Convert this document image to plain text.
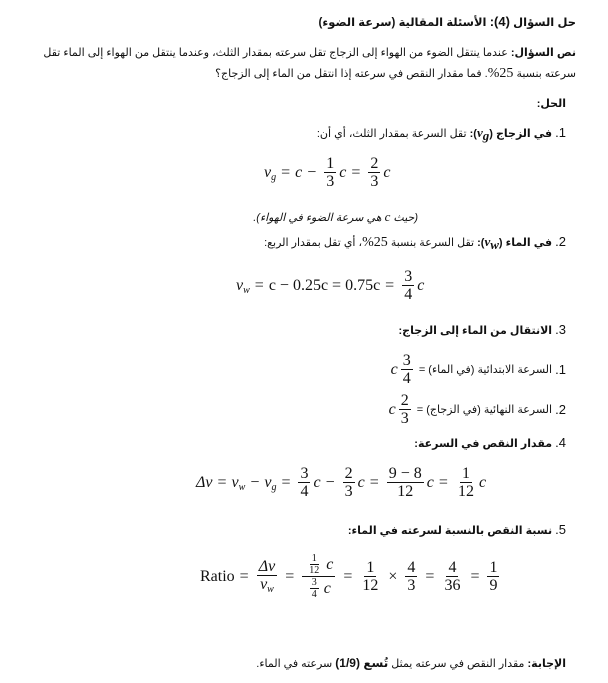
حل السؤال (4): الأسئلة المقالية (سرعة الضوء)
نص السؤال: عندما ينتقل الضوء من الهواء إلى الزجاج تقل سرعته بمقدار الثلث، وعندما ينتقل من الهواء إلى الماء تقل
سرعته بنسبة 25%. فما مقدار النقص في سرعته إذا انتقل من الماء إلى الزجاج؟
الحل:
1. في الزجاج $(v_g)$: تقل السرعة بمقدار الثلث، أي أن:
v $g = c - \frac{1}{3}$ $c = \frac{2}{3}$ c
(حيث c هي سرعة الضوء في الهواء).
2. في الماء $(v_w)$: تقل السرعة بنسبة 25%، أي تقل بمقدار الربع:
v $w = c - 0.25c = 0.75c = \frac{3}{4}$ c
3. الانتقال من الماء إلى الزجاج:
1.

السرعة الابتدائية (في الماء) =

c $\frac{3}{4}$
2.

السرعة النهائية (في الزجاج) =

c $\frac{2}{3}$
4. مقدار النقص في السرعة:
Δv = v w − v $g = \frac{3}{4}$ $c - \frac{2}{3}$ $c = \frac{9 - 8}{12}$ $c = \frac{1}{12}$ c
5. نسبة النقص بالنسبة لسرعته في الماء:
Ratio = $\frac{\Delta v}{vw} = \frac{\frac{1}{12} c}{\frac{3}{4} c} = \frac{1}{12} \times \frac{4}{3} = \frac{4}{36} = \frac{1}{9}$
الإجابة: مقدار النقص في سرعته يمثل تُسع (1/9) سرعته في الماء.
